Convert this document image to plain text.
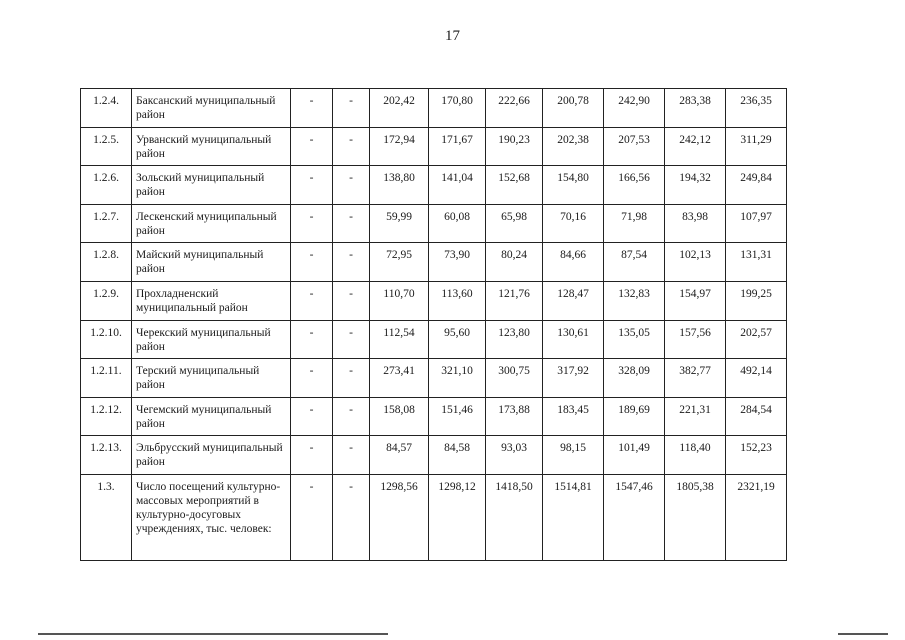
17
1.2.4.	Баксанский муниципальный район	-	-	202,42	170,80	222,66	200,78	242,90	283,38	236,35
1.2.5.	Урванский муниципальный район	-	-	172,94	171,67	190,23	202,38	207,53	242,12	311,29
1.2.6.	Зольский муниципальный район	-	-	138,80	141,04	152,68	154,80	166,56	194,32	249,84
1.2.7.	Лескенский муниципальный район	-	-	59,99	60,08	65,98	70,16	71,98	83,98	107,97
1.2.8.	Майский муниципальный район	-	-	72,95	73,90	80,24	84,66	87,54	102,13	131,31
1.2.9.	Прохладненский муниципальный район	-	-	110,70	113,60	121,76	128,47	132,83	154,97	199,25
1.2.10.	Черекский муниципальный район	-	-	112,54	95,60	123,80	130,61	135,05	157,56	202,57
1.2.11.	Терский муниципальный район	-	-	273,41	321,10	300,75	317,92	328,09	382,77	492,14
1.2.12.	Чегемский муниципальный район	-	-	158,08	151,46	173,88	183,45	189,69	221,31	284,54
1.2.13.	Эльбрусский муниципальный район	-	-	84,57	84,58	93,03	98,15	101,49	118,40	152,23
1.3.	Число посещений культурно-массовых мероприятий в культурно-досуговых учреждениях, тыс. человек:	-	-	1298,56	1298,12	1418,50	1514,81	1547,46	1805,38	2321,19
